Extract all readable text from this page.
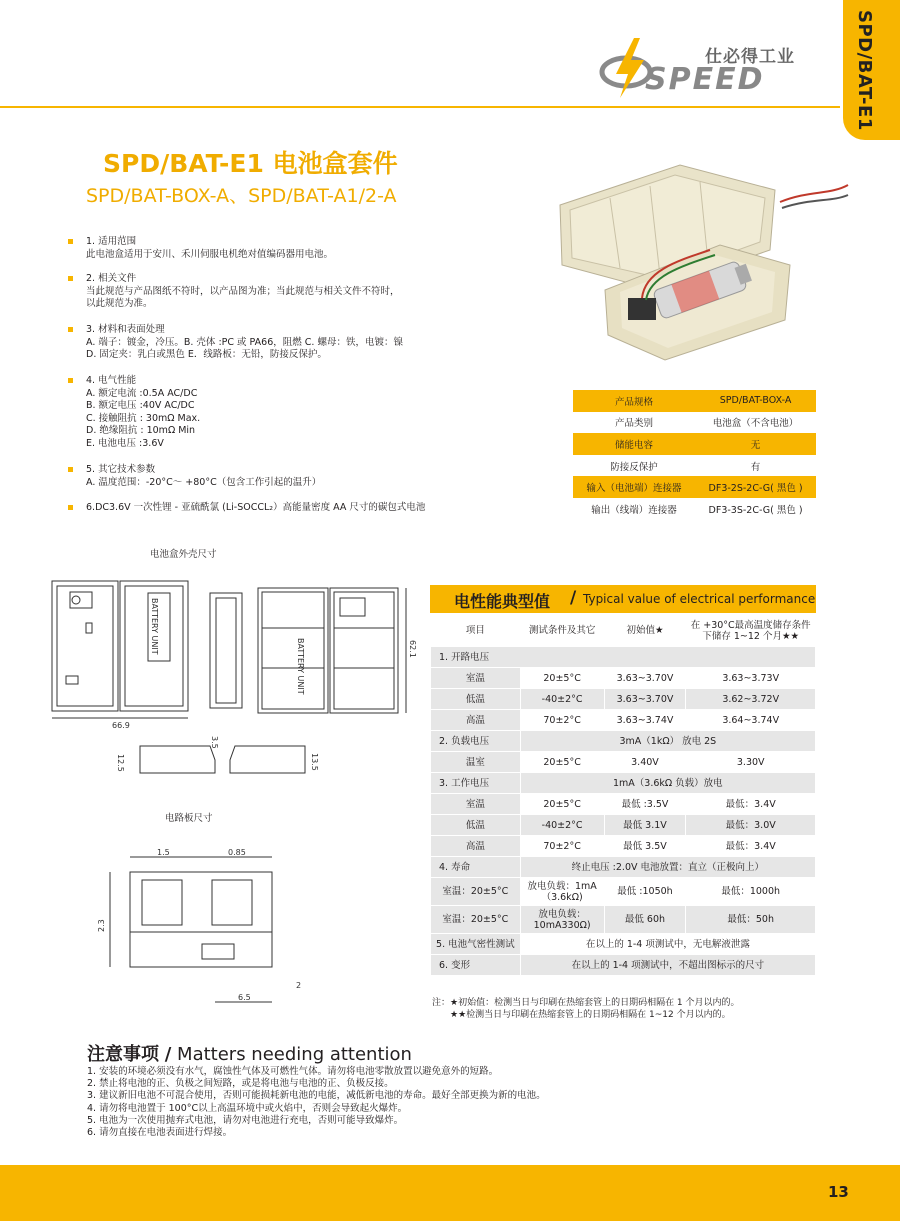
SPD/BAT-E1
仕必得工业
SPEED
SPD/BAT-E1 电池盒套件
SPD/BAT-BOX-A、SPD/BAT-A1/2-A
1. 适用范围
此电池盒适用于安川、禾川伺服电机绝对值编码器用电池。
2. 相关文件
当此规范与产品图纸不符时，以产品图为准；当此规范与相关文件不符时，
以此规范为准。
3. 材料和表面处理
A. 端子：镀金，冷压。B. 壳体 :PC 或 PA66，阻燃 C. 螺母：铁，电镀：镍
D. 固定夹：乳白或黑色 E．线路板：无铅，防接反保护。
4. 电气性能
A. 额定电流 :0.5A AC/DC
B. 额定电压 :40V AC/DC
C. 接触阻抗 : 30mΩ Max.
D. 绝缘阻抗 : 10mΩ Min
E. 电池电压 :3.6V
5. 其它技术参数
A. 温度范围：-20°C～ +80°C（包含工作引起的温升）
6.DC3.6V 一次性锂 - 亚硫酰氯 (Li-SOCCL₂）高能量密度 AA 尺寸的碳包式电池
产品规格	SPD/BAT-BOX-A
产品类别	电池盒（不含电池）
储能电容	无
防接反保护	有
输入（电池端）连接器	DF3-2S-2C-G( 黑色 )
输出（线端）连接器	DF3-3S-2C-G( 黑色 )
电池盒外壳尺寸
电路板尺寸
BATTERY UNIT
66.9
BATTERY UNIT	62.1
3.5
12.5	13.5
1.5	0.85
2.3
2
6.5
电性能典型值 / Typical value of electrical performance
项目	测试条件及其它	初始值★	在 +30°C最高温度储存条件下储存 1~12 个月★★
1. 开路电压			
室温	20±5°C	3.63~3.70V	3.63~3.73V
低温	-40±2°C	3.63~3.70V	3.62~3.72V
高温	70±2°C	3.63~3.74V	3.64~3.74V
2. 负载电压	3mA（1kΩ） 放电 2S		
温室	20±5°C	3.40V	3.30V
3. 工作电压	1mA（3.6kΩ 负载）放电		
室温	20±5°C	最低 :3.5V	最低：3.4V
低温	-40±2°C	最低 3.1V	最低：3.0V
高温	70±2°C	最低 3.5V	最低：3.4V
4. 寿命	终止电压 :2.0V 电池放置：直立（正极向上）		
室温：20±5°C	放电负载：1mA（3.6kΩ)	最低 :1050h	最低：1000h
室温：20±5°C	放电负载：10mA330Ω)	最低 60h	最低：50h
5. 电池气密性测试	在以上的 1-4 项测试中，无电解液泄露		
6. 变形	在以上的 1-4 项测试中，不超出图标示的尺寸		
注：★初始值：检测当日与印刷在热缩套管上的日期码相隔在 1 个月以内的。
★★检测当日与印刷在热缩套管上的日期码相隔在 1~12 个月以内的。
注意事项 / Matters needing attention
1. 安装的环境必须没有水气，腐蚀性气体及可燃性气体。请勿将电池零散放置以避免意外的短路。
2. 禁止将电池的正、负极之间短路，或是将电池与电池的正、负极反接。
3. 建议新旧电池不可混合使用，否则可能损耗新电池的电能，减低新电池的寿命。最好全部更换为新的电池。
4. 请勿将电池置于 100°C以上高温环境中或火焰中，否则会导致起火爆炸。
5. 电池为一次使用抛弃式电池，请勿对电池进行充电，否则可能导致爆炸。
6. 请勿直接在电池表面进行焊接。
13
